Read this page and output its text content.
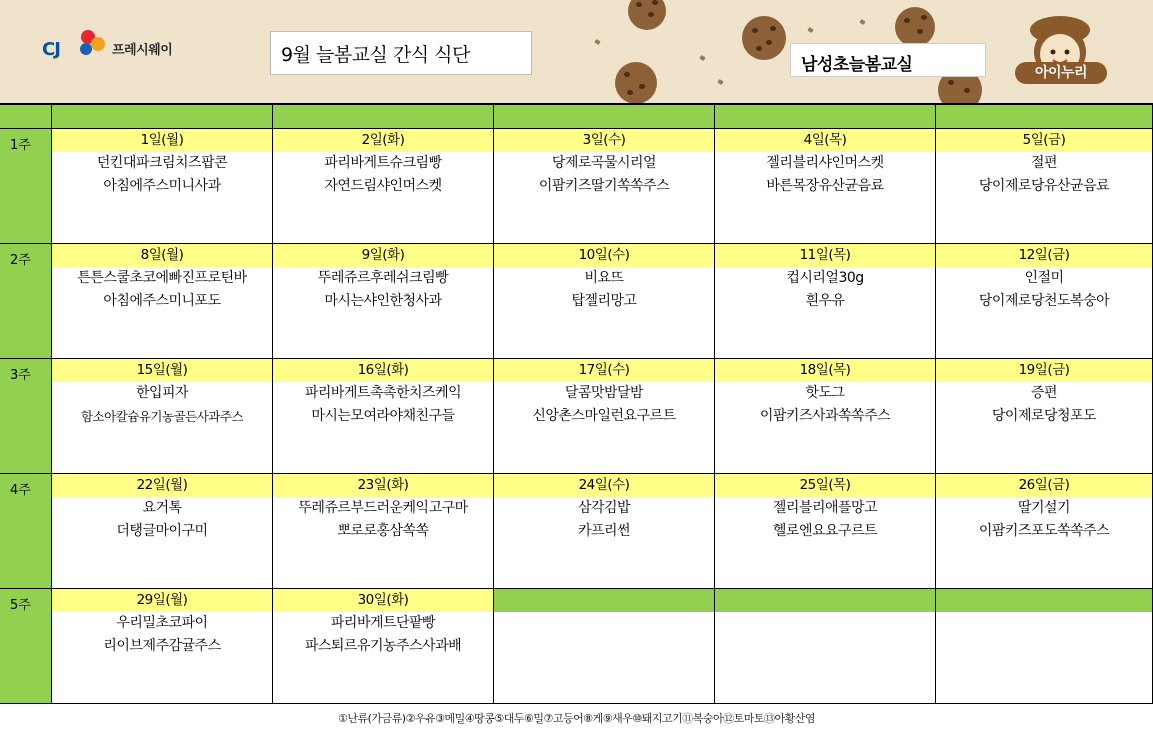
CJ	프레시웨이	9월 늘봄교실 간식 식단	남성초늘봄교실	아이누리
1주	1일(월)
던킨대파크림치즈팝콘
아침에주스미니사과
2일(화)
파리바게트슈크림빵
자연드림샤인머스켓
3일(수)
당제로곡물시리얼
이팜키즈딸기쏙쏙주스
4일(목)
젤리블리샤인머스켓
바른목장유산균음료
5일(금)
절편
당이제로당유산균음료
2주	8일(월)
튼튼스쿨초코에빠진프로틴바
아침에주스미니포도
9일(화)
뚜레쥬르후레쉬크림빵
마시는샤인한청사과
10일(수)
비요뜨
탑젤리망고
11일(목)
컵시리얼30g
흰우유
12일(금)
인절미
당이제로당천도복숭아
3주	15일(월)
한입피자
함소아칼슘유기농골든사과주스
16일(화)
파리바게트촉촉한치즈케익
마시는모여라야채친구들
17일(수)
달콤맛밤달밤
신앙촌스마일런요구르트
18일(목)
핫도그
이팜키즈사과쏙쏙주스
19일(금)
증편
당이제로당청포도
4주	22일(월)
요거톡
더탱글마이구미
23일(화)
뚜레쥬르부드러운케익고구마
뽀로로홍삼쏙쏙
24일(수)
삼각김밥
카프리썬
25일(목)
젤리블리애플망고
헬로엔요요구르트
26일(금)
딸기설기
이팜키즈포도쏙쏙주스
5주	29일(월)
우리밀초코파이
리이브제주감귤주스
30일(화)
파리바게트단팥빵
파스퇴르유기농주스사과배
①난류(가금류)②우유③메밀④땅콩⑤대두⑥밀⑦고등어⑧게⑨새우⑩돼지고기⑪복숭아⑫토마토⑬아황산염
